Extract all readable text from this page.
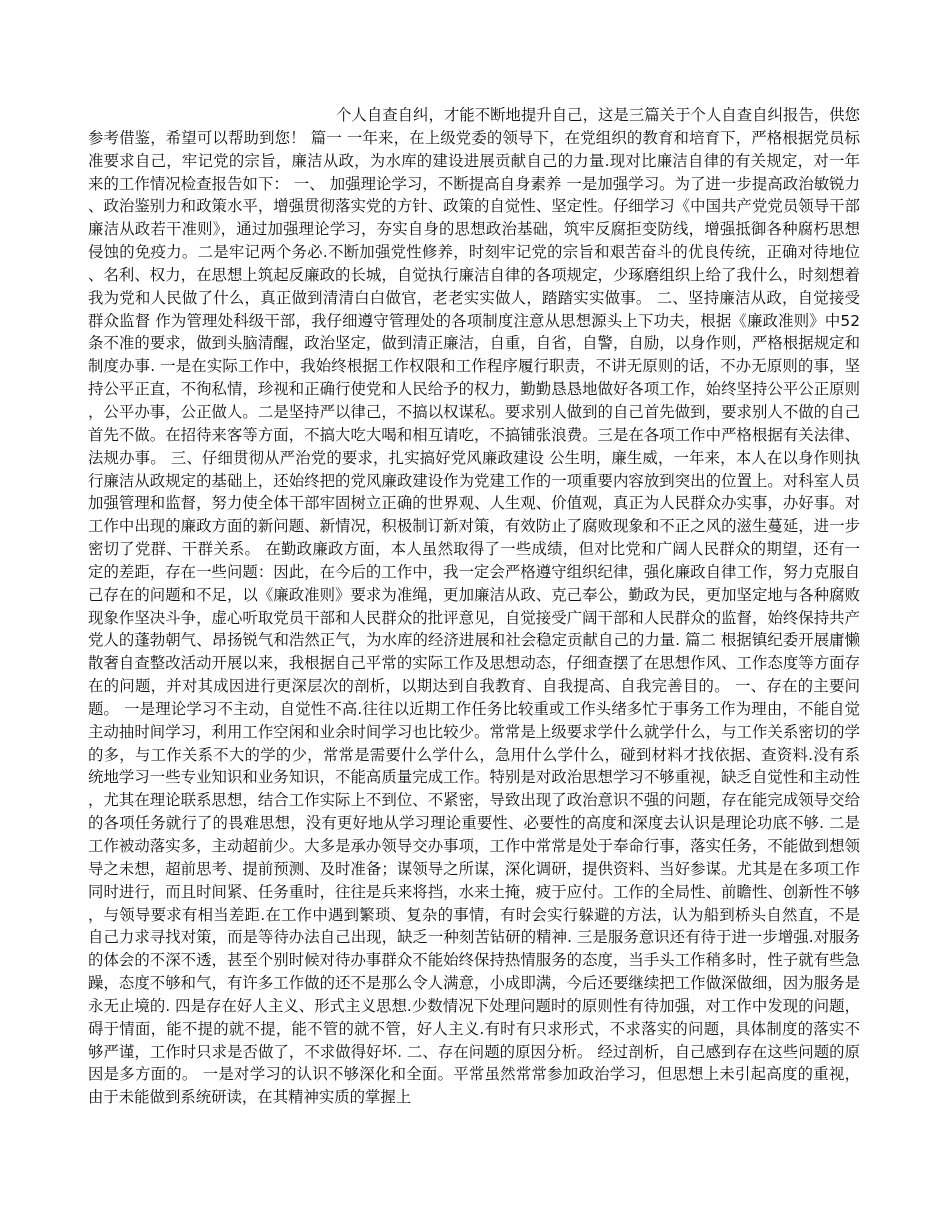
个人自查自纠，才能不断地提升自己，这是三篇关于个人自查自纠报告，供您参考借鉴，希望可以帮助到您！ 篇一 一年来，在上级党委的领导下，在党组织的教育和培育下，严格根据党员标准要求自己，牢记党的宗旨，廉洁从政，为水库的建设进展贡献自己的力量.现对比廉洁自律的有关规定，对一年来的工作情况检查报告如下： 一、 加强理论学习，不断提高自身素养 一是加强学习。为了进一步提高政治敏锐力、政治鉴别力和政策水平，增强贯彻落实党的方针、政策的自觉性、坚定性。仔细学习《中国共产党党员领导干部廉洁从政若干准则》，通过加强理论学习，夯实自身的思想政治基础，筑牢反腐拒变防线，增强抵御各种腐朽思想侵蚀的免疫力。二是牢记两个务必.不断加强党性修养，时刻牢记党的宗旨和艰苦奋斗的优良传统，正确对待地位、名利、权力，在思想上筑起反廉政的长城，自觉执行廉洁自律的各项规定，少琢磨组织上给了我什么，时刻想着我为党和人民做了什么，真正做到清清白白做官，老老实实做人，踏踏实实做事。 二、坚持廉洁从政，自觉接受群众监督 作为管理处科级干部，我仔细遵守管理处的各项制度注意从思想源头上下功夫，根据《廉政准则》中52条不准的要求，做到头脑清醒，政治坚定，做到清正廉洁，自重，自省，自警，自励，以身作则，严格根据规定和制度办事. 一是在实际工作中，我始终根据工作权限和工作程序履行职责，不讲无原则的话，不办无原则的事，坚持公平正直，不徇私情，珍视和正确行使党和人民给予的权力，勤勤恳恳地做好各项工作，始终坚持公平公正原则，公平办事，公正做人。二是坚持严以律己，不搞以权谋私。要求别人做到的自己首先做到，要求别人不做的自己首先不做。在招待来客等方面，不搞大吃大喝和相互请吃，不搞铺张浪费。三是在各项工作中严格根据有关法律、法规办事。 三、仔细贯彻从严治党的要求，扎实搞好党风廉政建设 公生明，廉生威，一年来，本人在以身作则执行廉洁从政规定的基础上，还始终把的党风廉政建设作为党建工作的一项重要内容放到突出的位置上。对科室人员加强管理和监督，努力使全体干部牢固树立正确的世界观、人生观、价值观，真正为人民群众办实事，办好事。对工作中出现的廉政方面的新问题、新情况，积极制订新对策，有效防止了腐败现象和不正之风的滋生蔓延，进一步密切了党群、干群关系。 在勤政廉政方面，本人虽然取得了一些成绩，但对比党和广阔人民群众的期望，还有一定的差距，存在一些问题：因此，在今后的工作中，我一定会严格遵守组织纪律，强化廉政自律工作，努力克服自己存在的问题和不足，以《廉政准则》要求为准绳，更加廉洁从政、克己奉公，勤政为民，更加坚定地与各种腐败现象作坚决斗争，虚心听取党员干部和人民群众的批评意见，自觉接受广阔干部和人民群众的监督，始终保持共产党人的蓬勃朝气、昂扬锐气和浩然正气，为水库的经济进展和社会稳定贡献自己的力量. 篇二 根据镇纪委开展庸懒散奢自查整改活动开展以来，我根据自己平常的实际工作及思想动态，仔细查摆了在思想作风、工作态度等方面存在的问题，并对其成因进行更深层次的剖析，以期达到自我教育、自我提高、自我完善目的。 一、存在的主要问题。 一是理论学习不主动，自觉性不高.往往以近期工作任务比较重或工作头绪多忙于事务工作为理由，不能自觉主动抽时间学习，利用工作空闲和业余时间学习也比较少。常常是上级要求学什么就学什么，与工作关系密切的学的多，与工作关系不大的学的少，常常是需要什么学什么，急用什么学什么，碰到材料才找依据、查资料.没有系统地学习一些专业知识和业务知识，不能高质量完成工作。特别是对政治思想学习不够重视，缺乏自觉性和主动性，尤其在理论联系思想，结合工作实际上不到位、不紧密，导致出现了政治意识不强的问题，存在能完成领导交给的各项任务就行了的畏难思想，没有更好地从学习理论重要性、必要性的高度和深度去认识是理论功底不够. 二是工作被动落实多，主动超前少。大多是承办领导交办事项，工作中常常是处于奉命行事，落实任务，不能做到想领导之未想，超前思考、提前预测、及时准备；谋领导之所谋，深化调研，提供资料、当好参谋。尤其是在多项工作同时进行，而且时间紧、任务重时，往往是兵来将挡，水来土掩，疲于应付。工作的全局性、前瞻性、创新性不够，与领导要求有相当差距.在工作中遇到繁琐、复杂的事情，有时会实行躲避的方法，认为船到桥头自然直，不是自己力求寻找对策，而是等待办法自己出现，缺乏一种刻苦钻研的精神. 三是服务意识还有待于进一步增强.对服务的体会的不深不透，甚至个别时候对待办事群众不能始终保持热情服务的态度，当手头工作稍多时，性子就有些急躁，态度不够和气，有许多工作做的还不是那么令人满意，小成即满，今后还要继续把工作做深做细，因为服务是永无止境的. 四是存在好人主义、形式主义思想.少数情况下处理问题时的原则性有待加强，对工作中发现的问题，碍于情面，能不提的就不提，能不管的就不管，好人主义.有时有只求形式，不求落实的问题，具体制度的落实不够严谨，工作时只求是否做了，不求做得好坏. 二、存在问题的原因分析。 经过剖析，自己感到存在这些问题的原因是多方面的。 一是对学习的认识不够深化和全面。平常虽然常常参加政治学习，但思想上未引起高度的重视，由于未能做到系统研读，在其精神实质的掌握上
